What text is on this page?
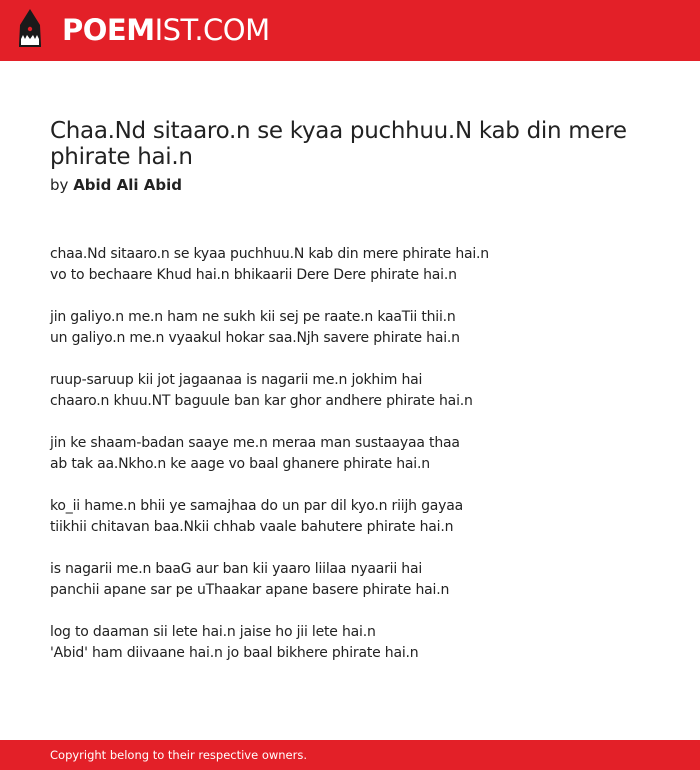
POEMIST.COM
Chaa.Nd sitaaro.n se kyaa puchhuu.N kab din mere phirate hai.n
by Abid Ali Abid
chaa.Nd sitaaro.n se kyaa puchhuu.N kab din mere phirate hai.n
vo to bechaare Khud hai.n bhikaarii Dere Dere phirate hai.n
jin galiyo.n me.n ham ne sukh kii sej pe raate.n kaaTii thii.n
un galiyo.n me.n vyaakul hokar saa.Njh savere phirate hai.n
ruup-saruup kii jot jagaanaa is nagarii me.n jokhim hai
chaaro.n khuu.NT baguule ban kar ghor andhere phirate hai.n
jin ke shaam-badan saaye me.n meraa man sustaayaa thaa
ab tak aa.Nkho.n ke aage vo baal ghanere phirate hai.n
ko_ii hame.n bhii ye samajhaa do un par dil kyo.n riijh gayaa
tiikhii chitavan baa.Nkii chhab vaale bahutere phirate hai.n
is nagarii me.n baaG aur ban kii yaaro liilaa nyaarii hai
panchii apane sar pe uThaakar apane basere phirate hai.n
log to daaman sii lete hai.n jaise ho jii lete hai.n
'Abid' ham diivaane hai.n jo baal bikhere phirate hai.n
Copyright belong to their respective owners.
